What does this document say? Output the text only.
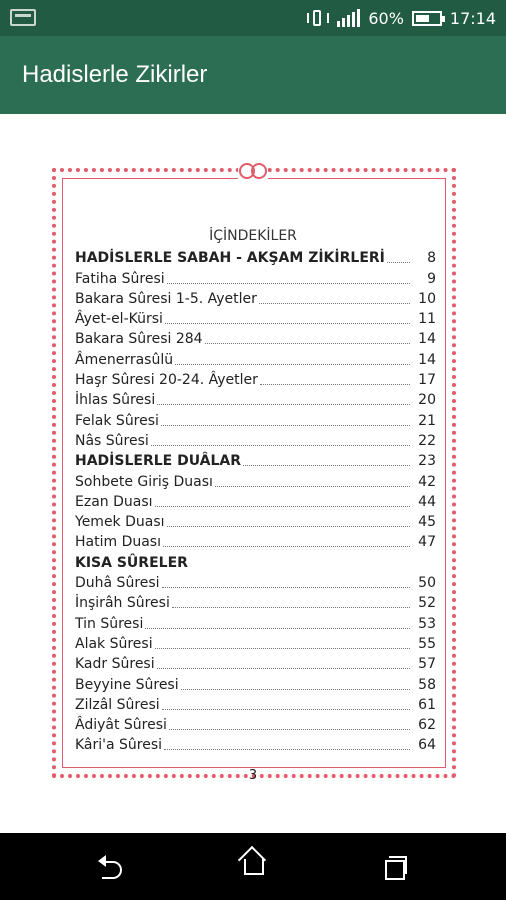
60%	17:14
Hadislerle Zikirler
İÇİNDEKİLER
HADİSLERLE SABAH - AKŞAM ZİKİRLERİ	8
Fatiha Sûresi	9
Bakara Sûresi 1-5. Ayetler	10
Âyet-el-Kürsi	11
Bakara Sûresi 284	14
Âmenerrasûlü	14
Haşr Sûresi 20-24. Âyetler	17
İhlas Sûresi	20
Felak Sûresi	21
Nâs Sûresi	22
HADİSLERLE DUÂLAR	23
Sohbete Giriş Duası	42
Ezan Duası	44
Yemek Duası	45
Hatim Duası	47
KISA SÛRELER
Duhâ Sûresi	50
İnşirâh Sûresi	52
Tin Sûresi	53
Alak Sûresi	55
Kadr Sûresi	57
Beyyine Sûresi	58
Zilzâl Sûresi	61
Âdiyât Sûresi	62
Kâri'a Sûresi	64
3
